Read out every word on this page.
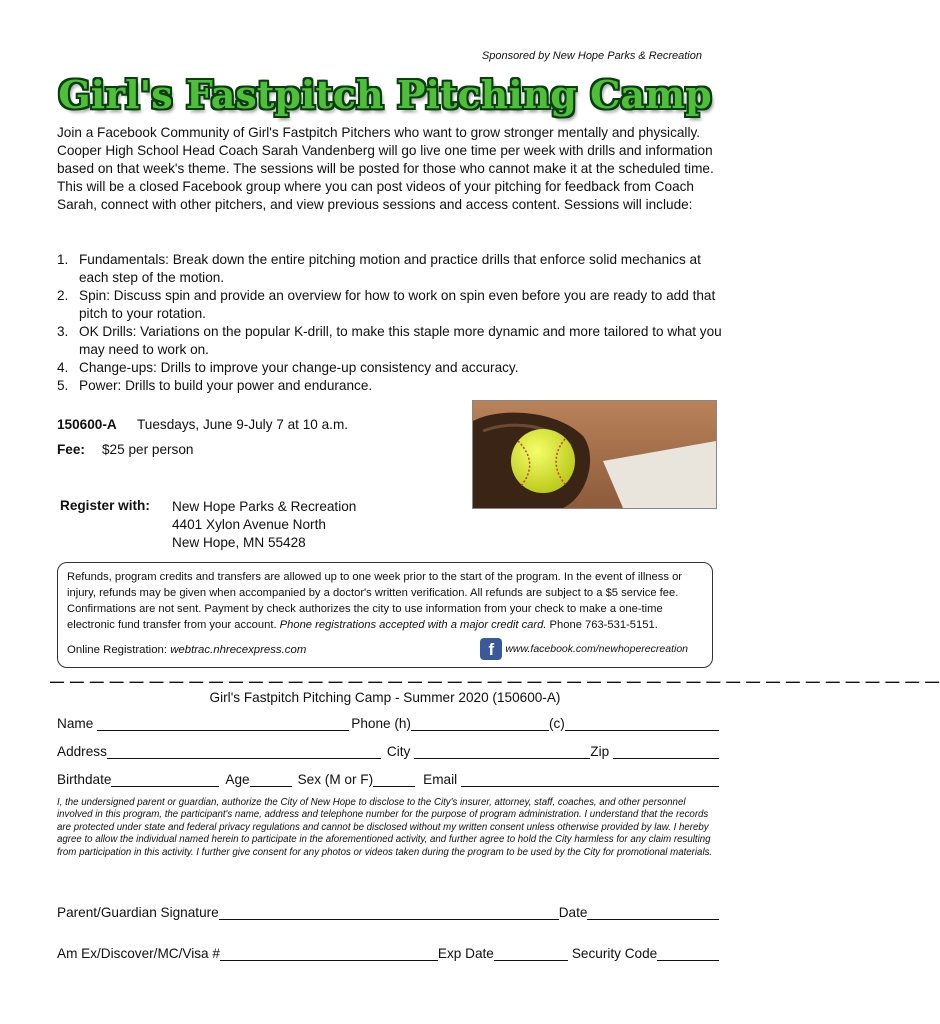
Sponsored by New Hope Parks & Recreation
Girl's Fastpitch Pitching Camp
Join a Facebook Community of Girl's Fastpitch Pitchers who want to grow stronger mentally and physically. Cooper High School Head Coach Sarah Vandenberg will go live one time per week with drills and information based on that week's theme. The sessions will be posted for those who cannot make it at the scheduled time. This will be a closed Facebook group where you can post videos of your pitching for feedback from Coach Sarah, connect with other pitchers, and view previous sessions and access content. Sessions will include:
1. Fundamentals: Break down the entire pitching motion and practice drills that enforce solid mechanics at each step of the motion.
2. Spin: Discuss spin and provide an overview for how to work on spin even before you are ready to add that pitch to your rotation.
3. OK Drills: Variations on the popular K-drill, to make this staple more dynamic and more tailored to what you may need to work on.
4. Change-ups: Drills to improve your change-up consistency and accuracy.
5. Power: Drills to build your power and endurance.
150600-A Tuesdays, June 9-July 7 at 10 a.m.
Fee: $25 per person
Register with: New Hope Parks & Recreation
4401 Xylon Avenue North
New Hope, MN 55428
Refunds, program credits and transfers are allowed up to one week prior to the start of the program. In the event of illness or injury, refunds may be given when accompanied by a doctor's written verification. All refunds are subject to a $5 service fee. Confirmations are not sent. Payment by check authorizes the city to use information from your check to make a one-time electronic fund transfer from your account. Phone registrations accepted with a major credit card. Phone 763-531-5151.
Online Registration: webtrac.nhrecexpress.com	f	www.facebook.com/newhoperecreation
— — — — — — — — — — — — — — — — — — — — — — — — — — — — — — — — — — — — — — — — — — — — —
Girl's Fastpitch Pitching Camp - Summer 2020 (150600-A)
Name	Phone (h)	(c)
Address	City	Zip
Birthdate	Age	Sex (M or F)	Email
I, the undersigned parent or guardian, authorize the City of New Hope to disclose to the City's insurer, attorney, staff, coaches, and other personnel involved in this program, the participant's name, address and telephone number for the purpose of program administration. I understand that the records are protected under state and federal privacy regulations and cannot be disclosed without my written consent unless otherwise provided by law. I hereby agree to allow the individual named herein to participate in the aforementioned activity, and further agree to hold the City harmless for any claim resulting from participation in this activity. I further give consent for any photos or videos taken during the program to be used by the City for promotional materials.
Parent/Guardian Signature	Date
Am Ex/Discover/MC/Visa #	Exp Date	Security Code
